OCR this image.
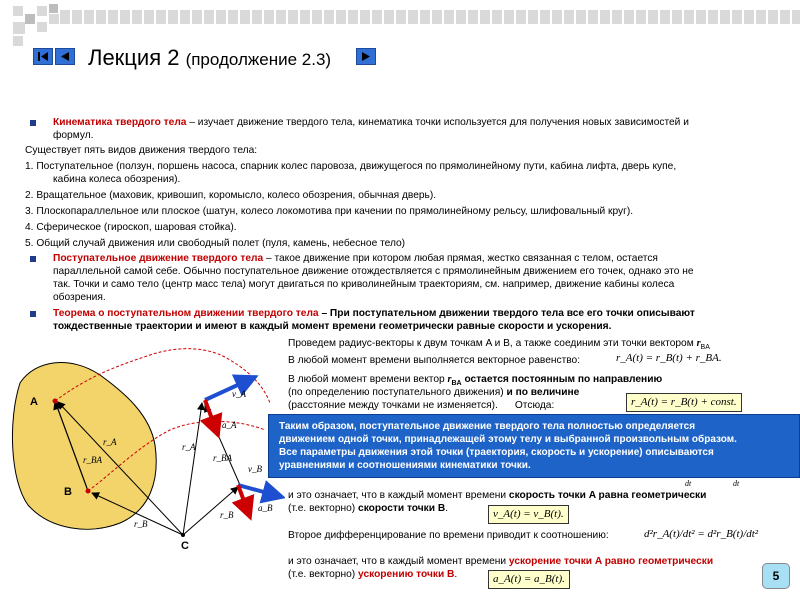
Лекция 2 (продолжение 2.3)
Кинематика твердого тела – изучает движение твердого тела, кинематика точки используется для получения новых зависимостей и
формул.
Существует пять видов движения твердого тела:
1. Поступательное (ползун, поршень насоса, спарник колес паровоза, движущегося по прямолинейному пути, кабина лифта, дверь купе,
кабина колеса обозрения).
2. Вращательное (маховик, кривошип, коромысло, колесо обозрения, обычная дверь).
3. Плоскопараллельное или плоское (шатун, колесо локомотива при качении по прямолинейному рельсу, шлифовальный круг).
4. Сферическое (гироскоп, шаровая стойка).
5. Общий случай движения или свободный полет (пуля, камень, небесное тело)
Поступательное движение твердого тела – такое движение при котором любая прямая, жестко связанная с телом, остается
параллельной самой себе. Обычно поступательное движение отождествляется с прямолинейным движением его точек, однако это не
так. Точки и само тело (центр масс тела) могут двигаться по криволинейным траекториям, см. например, движение кабины колеса
обозрения.
Теорема о поступательном движении твердого тела – При поступательном движении твердого тела все его точки описывают
тождественные траектории и имеют в каждый момент времени геометрически равные скорости и ускорения.
Проведем радиус-векторы к двум точкам A и B, а также соединим эти точки вектором $r_{BA}$
В любой момент времени выполняется векторное равенство:	r_A(t) = r_B(t) + r_BA.
В любой момент времени вектор $r_{BA}$ остается постоянным по направлению
(по определению поступательного движения) и по величине
(расстояние между точками не изменяется). Отсюда:	r_A(t) = r_B(t) + const.
Таким образом, поступательное движение твердого тела полностью определяется
движением одной точки, принадлежащей этому телу и выбранной произвольным образом.
Все параметры движения этой точки (траектория, скорость и ускорение) описываются
уравнениями и соотношениями кинематики точки.
dt	dt
и это означает, что в каждый момент времени скорость точки A равна геометрически
(т.е. векторно) скорости точки B.	v_A(t) = v_B(t).
Второе дифференцирование по времени приводит к соотношению:	d²r_A(t)/dt² = d²r_B(t)/dt²
и это означает, что в каждый момент времени ускорение точки A равно геометрически
(т.е. векторно) ускорению точки B.	a_A(t) = a_B(t).
A
B
C
r_A
r_BA
r_B
v_A
a_A
r_A
r_BA
v_B
a_B
r_B
5
